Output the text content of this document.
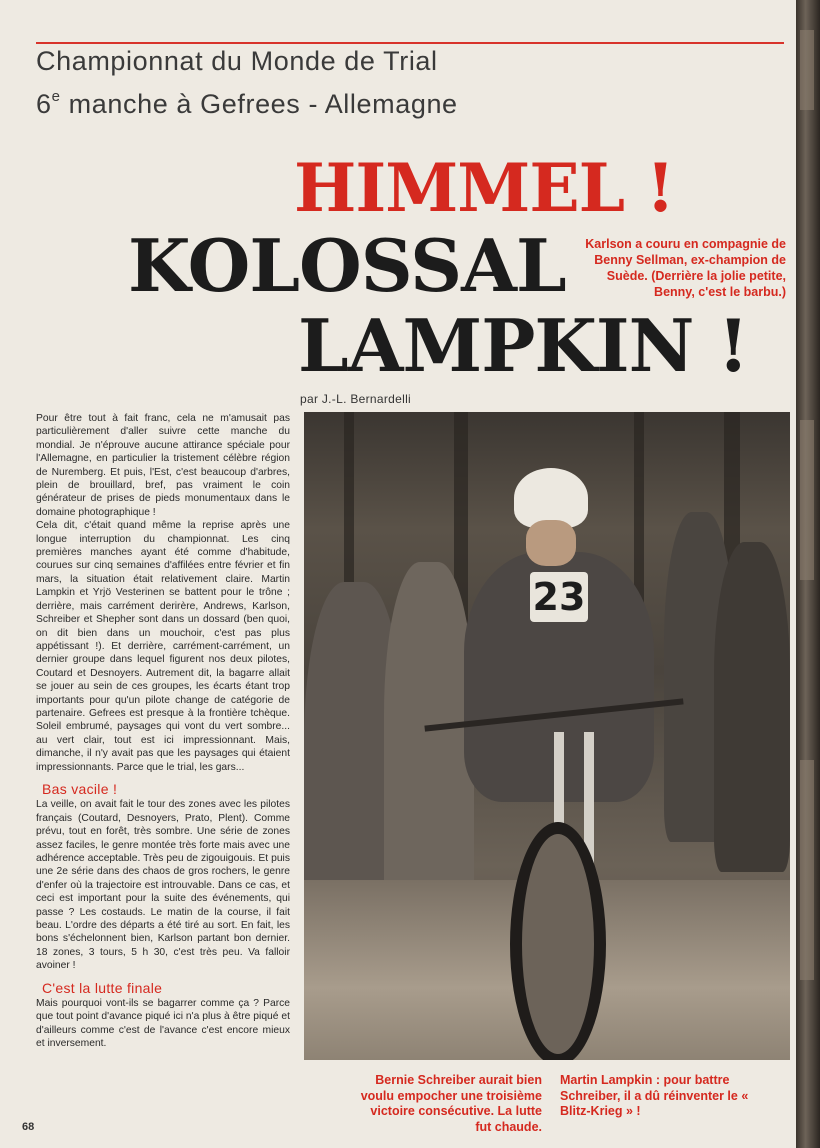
Championnat du Monde de Trial
6e manche à Gefrees - Allemagne
HIMMEL !
KOLOSSAL
LAMPKIN !
Karlson a couru en compagnie de Benny Sellman, ex-champion de Suède. (Derrière la jolie petite, Benny, c'est le barbu.)
par J.-L. Bernardelli

Pour être tout à fait franc, cela ne m'amusait pas particulièrement d'aller suivre cette manche du mondial. Je n'éprouve aucune attirance spéciale pour l'Allemagne, en particulier la tristement célèbre région de Nuremberg. Et puis, l'Est, c'est beaucoup d'arbres, plein de brouillard, bref, pas vraiment le coin générateur de prises de pieds monumentaux dans le domaine photographique !

Cela dit, c'était quand même la reprise après une longue interruption du championnat. Les cinq premières manches ayant été comme d'habitude, courues sur cinq semaines d'affilées entre février et fin mars, la situation était relativement claire. Martin Lampkin et Yrjö Vesterinen se battent pour le trône ; derrière, mais carrément derirère, Andrews, Karlson, Schreiber et Shepher sont dans un dossard (ben quoi, on dit bien dans un mouchoir, c'est pas plus appétissant !). Et derrière, carrément-carrément, un dernier groupe dans lequel figurent nos deux pilotes, Coutard et Desnoyers. Autrement dit, la bagarre allait se jouer au sein de ces groupes, les écarts étant trop importants pour qu'un pilote change de catégorie de partenaire. Gefrees est presque à la frontière tchèque. Soleil embrumé, paysages qui vont du vert sombre... au vert clair, tout est ici impressionnant. Mais, dimanche, il n'y avait pas que les paysages qui étaient impressionnants. Parce que le trial, les gars...

Bas vacile !

La veille, on avait fait le tour des zones avec les pilotes français (Coutard, Desnoyers, Prato, Plent). Comme prévu, tout en forêt, très sombre. Une série de zones assez faciles, le genre montée très forte mais avec une adhérence acceptable. Très peu de zigouigouis. Et puis une 2e série dans des chaos de gros rochers, le genre d'enfer où la trajectoire est introuvable. Dans ce cas, et ceci est important pour la suite des événements, qui passe ? Les costauds. Le matin de la course, il fait beau. L'ordre des départs a été tiré au sort. En fait, les bons s'échelonnent bien, Karlson partant bon dernier. 18 zones, 3 tours, 5 h 30, c'est très peu. Va falloir avoiner !

C'est la lutte finale

Mais pourquoi vont-ils se bagarrer comme ça ? Parce que tout point d'avance piqué ici n'a plus à être piqué et d'ailleurs comme c'est de l'avance c'est encore mieux et inversement.

23
Bernie Schreiber aurait bien voulu empocher une troisième victoire consécutive. La lutte fut chaude.
Martin Lampkin : pour battre Schreiber, il a dû réinventer le « Blitz-Krieg » !
68
